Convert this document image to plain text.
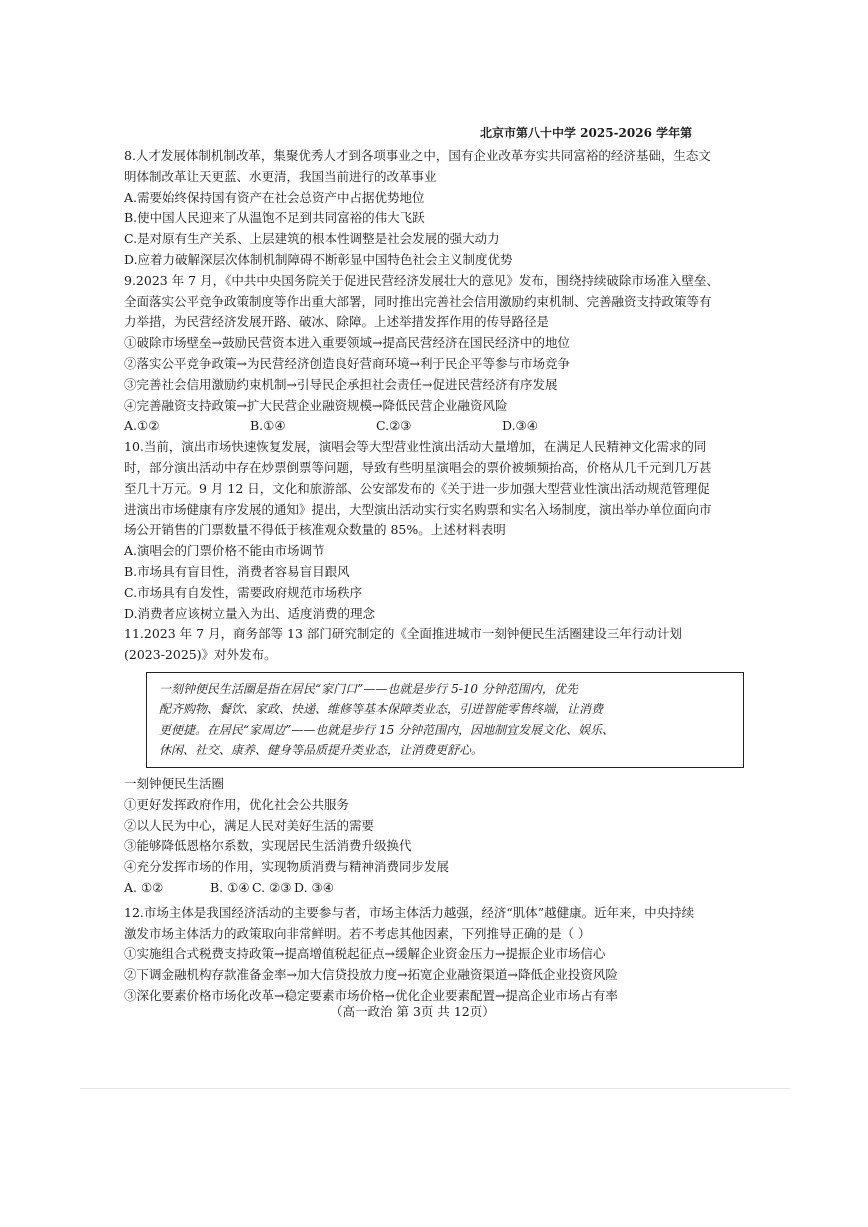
北京市第八十中学 2025-2026 学年第
8.人才发展体制机制改革，集聚优秀人才到各项事业之中，国有企业改革夯实共同富裕的经济基础，生态文
明体制改革让天更蓝、水更清，我国当前进行的改革事业
A.需要始终保持国有资产在社会总资产中占据优势地位
B.使中国人民迎来了从温饱不足到共同富裕的伟大飞跃
C.是对原有生产关系、上层建筑的根本性调整是社会发展的强大动力
D.应着力破解深层次体制机制障碍不断彰显中国特色社会主义制度优势
9.2023 年 7 月，《中共中央国务院关于促进民营经济发展壮大的意见》发布，围绕持续破除市场准入壁垒、
全面落实公平竞争政策制度等作出重大部署，同时推出完善社会信用激励约束机制、完善融资支持政策等有
力举措，为民营经济发展开路、破冰、除障。上述举措发挥作用的传导路径是
①破除市场壁垒→鼓励民营资本进入重要领域→提高民营经济在国民经济中的地位
②落实公平竞争政策→为民营经济创造良好营商环境→利于民企平等参与市场竞争
③完善社会信用激励约束机制→引导民企承担社会责任→促进民营经济有序发展
④完善融资支持政策→扩大民营企业融资规模→降低民营企业融资风险
A.①②	B.①④	C.②③	D.③④
10.当前，演出市场快速恢复发展，演唱会等大型营业性演出活动大量增加，在满足人民精神文化需求的同
时，部分演出活动中存在炒票倒票等问题，导致有些明星演唱会的票价被频频抬高，价格从几千元到几万甚
至几十万元。9 月 12 日，文化和旅游部、公安部发布的《关于进一步加强大型营业性演出活动规范管理促
进演出市场健康有序发展的通知》提出，大型演出活动实行实名购票和实名入场制度，演出举办单位面向市
场公开销售的门票数量不得低于核准观众数量的 85%。上述材料表明
A.演唱会的门票价格不能由市场调节
B.市场具有盲目性，消费者容易盲目跟风
C.市场具有自发性，需要政府规范市场秩序
D.消费者应该树立量入为出、适度消费的理念
11.2023 年 7 月，商务部等 13 部门研究制定的《全面推进城市一刻钟便民生活圈建设三年行动计划
(2023-2025)》对外发布。
一刻钟便民生活圈是指在居民“家门口”——也就是步行 5-10 分钟范围内，优先
配齐购物、餐饮、家政、快递、维修等基本保障类业态，引进智能零售终端，让消费
更便捷。在居民“家周边”——也就是步行 15 分钟范围内，因地制宜发展文化、娱乐、
休闲、社交、康养、健身等品质提升类业态，让消费更舒心。
一刻钟便民生活圈
①更好发挥政府作用，优化社会公共服务
②以人民为中心，满足人民对美好生活的需要
③能够降低恩格尔系数，实现居民生活消费升级换代
④充分发挥市场的作用，实现物质消费与精神消费同步发展
A. ①②	B. ①④ C. ②③ D. ③④
12.市场主体是我国经济活动的主要参与者，市场主体活力越强，经济“肌体”越健康。近年来，中央持续
激发市场主体活力的政策取向非常鲜明。若不考虑其他因素，下列推导正确的是（ ）
①实施组合式税费支持政策→提高增值税起征点→缓解企业资金压力→提振企业市场信心
②下调金融机构存款准备金率→加大信贷投放力度→拓宽企业融资渠道→降低企业投资风险
③深化要素价格市场化改革→稳定要素市场价格→优化企业要素配置→提高企业市场占有率
（高一政治 第 3页 共 12页）
